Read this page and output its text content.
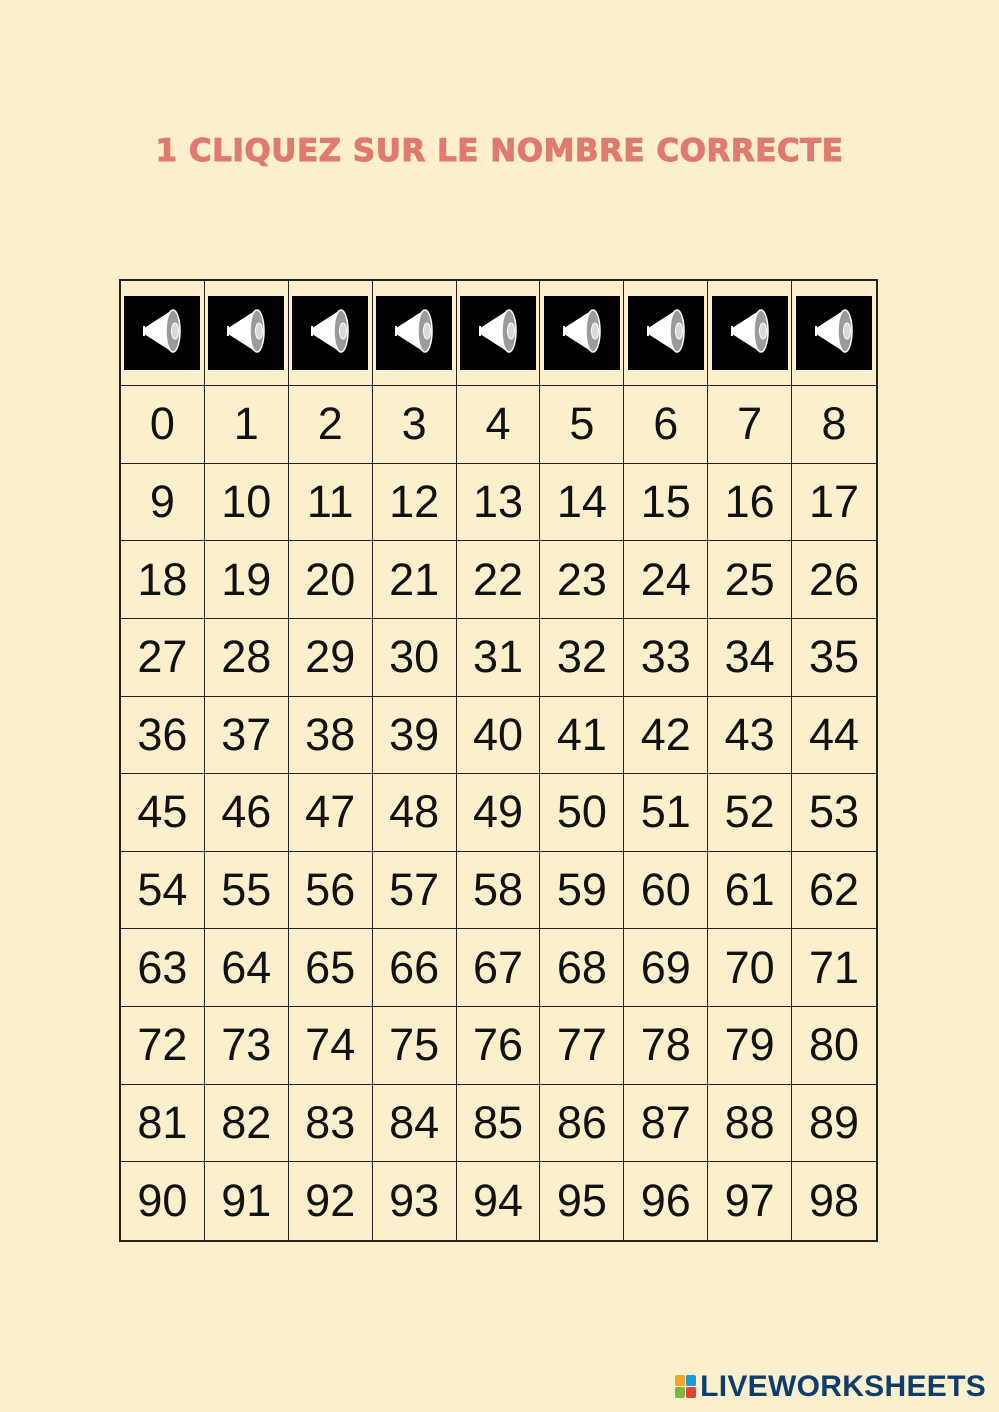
1 CLIQUEZ SUR LE NOMBRE CORRECTE
0	1	2	3	4	5	6	7	8
9	10 11 12 13 14 15 16 17
18 19 20 21 22 23 24 25 26
27 28 29 30 31 32 33 34 35
36 37 38 39 40 41 42 43 44
45 46 47 48 49 50 51 52 53
54 55 56 57 58 59 60 61 62
63 64 65 66 67 68 69 70 71
72 73 74 75 76 77 78 79 80
81 82 83 84 85 86 87 88 89
90 91 92 93 94 95 96 97 98
LIVEWORKSHEETS
